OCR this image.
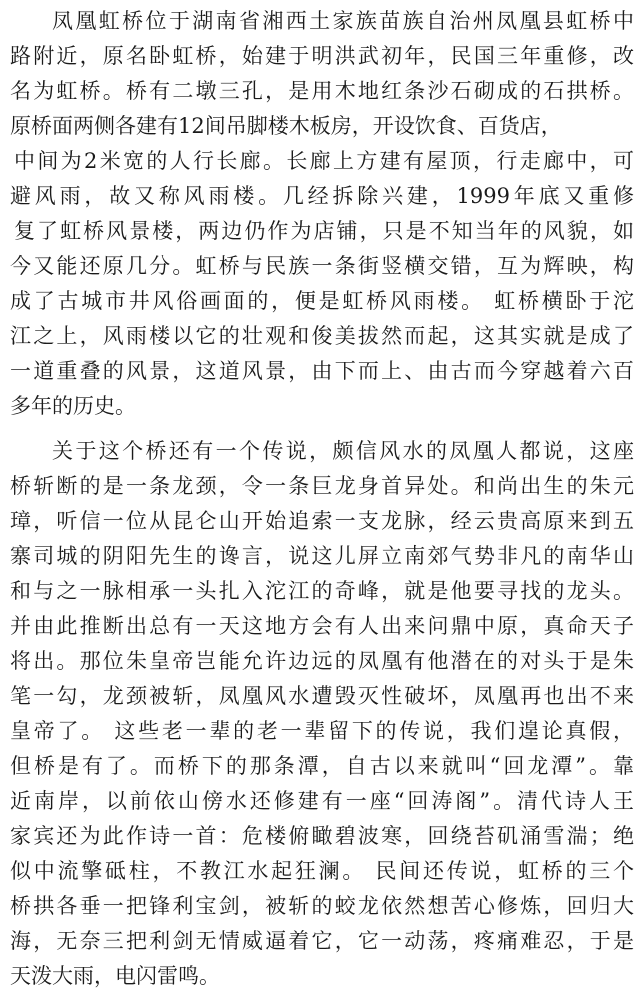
凤凰虹桥位于湖南省湘西土家族苗族自治州凤凰县虹桥中
路附近，原名卧虹桥，始建于明洪武初年，民国三年重修，改
名为虹桥。桥有二墩三孔，是用木地红条沙石砌成的石拱桥。
原桥面两侧各建有12间吊脚楼木板房，开设饮食、百货店，
中间为2米宽的人行长廊。长廊上方建有屋顶，行走廊中，可
避风雨，故又称风雨楼。几经拆除兴建，1999年底又重修
复了虹桥风景楼，两边仍作为店铺，只是不知当年的风貌，如
今又能还原几分。虹桥与民族一条街竖横交错，互为辉映，构
成了古城市井风俗画面的，便是虹桥风雨楼。 虹桥横卧于沱
江之上，风雨楼以它的壮观和俊美拔然而起，这其实就是成了
一道重叠的风景，这道风景，由下而上、由古而今穿越着六百
多年的历史。
关于这个桥还有一个传说，颇信风水的凤凰人都说，这座
桥斩断的是一条龙颈，令一条巨龙身首异处。和尚出生的朱元
璋，听信一位从昆仑山开始追索一支龙脉，经云贵高原来到五
寨司城的阴阳先生的谗言，说这儿屏立南郊气势非凡的南华山
和与之一脉相承一头扎入沱江的奇峰，就是他要寻找的龙头。
并由此推断出总有一天这地方会有人出来问鼎中原，真命天子
将出。那位朱皇帝岂能允许边远的凤凰有他潜在的对头于是朱
笔一勾，龙颈被斩，凤凰风水遭毁灭性破坏，凤凰再也出不来
皇帝了。 这些老一辈的老一辈留下的传说，我们遑论真假，
但桥是有了。而桥下的那条潭，自古以来就叫“回龙潭”。靠
近南岸，以前依山傍水还修建有一座“回涛阁”。清代诗人王
家宾还为此作诗一首：危楼俯瞰碧波寒，回绕苔矶涌雪湍；绝
似中流擎砥柱，不教江水起狂澜。 民间还传说，虹桥的三个
桥拱各垂一把锋利宝剑，被斩的蛟龙依然想苦心修炼，回归大
海，无奈三把利剑无情威逼着它，它一动荡，疼痛难忍，于是
天泼大雨，电闪雷鸣。
